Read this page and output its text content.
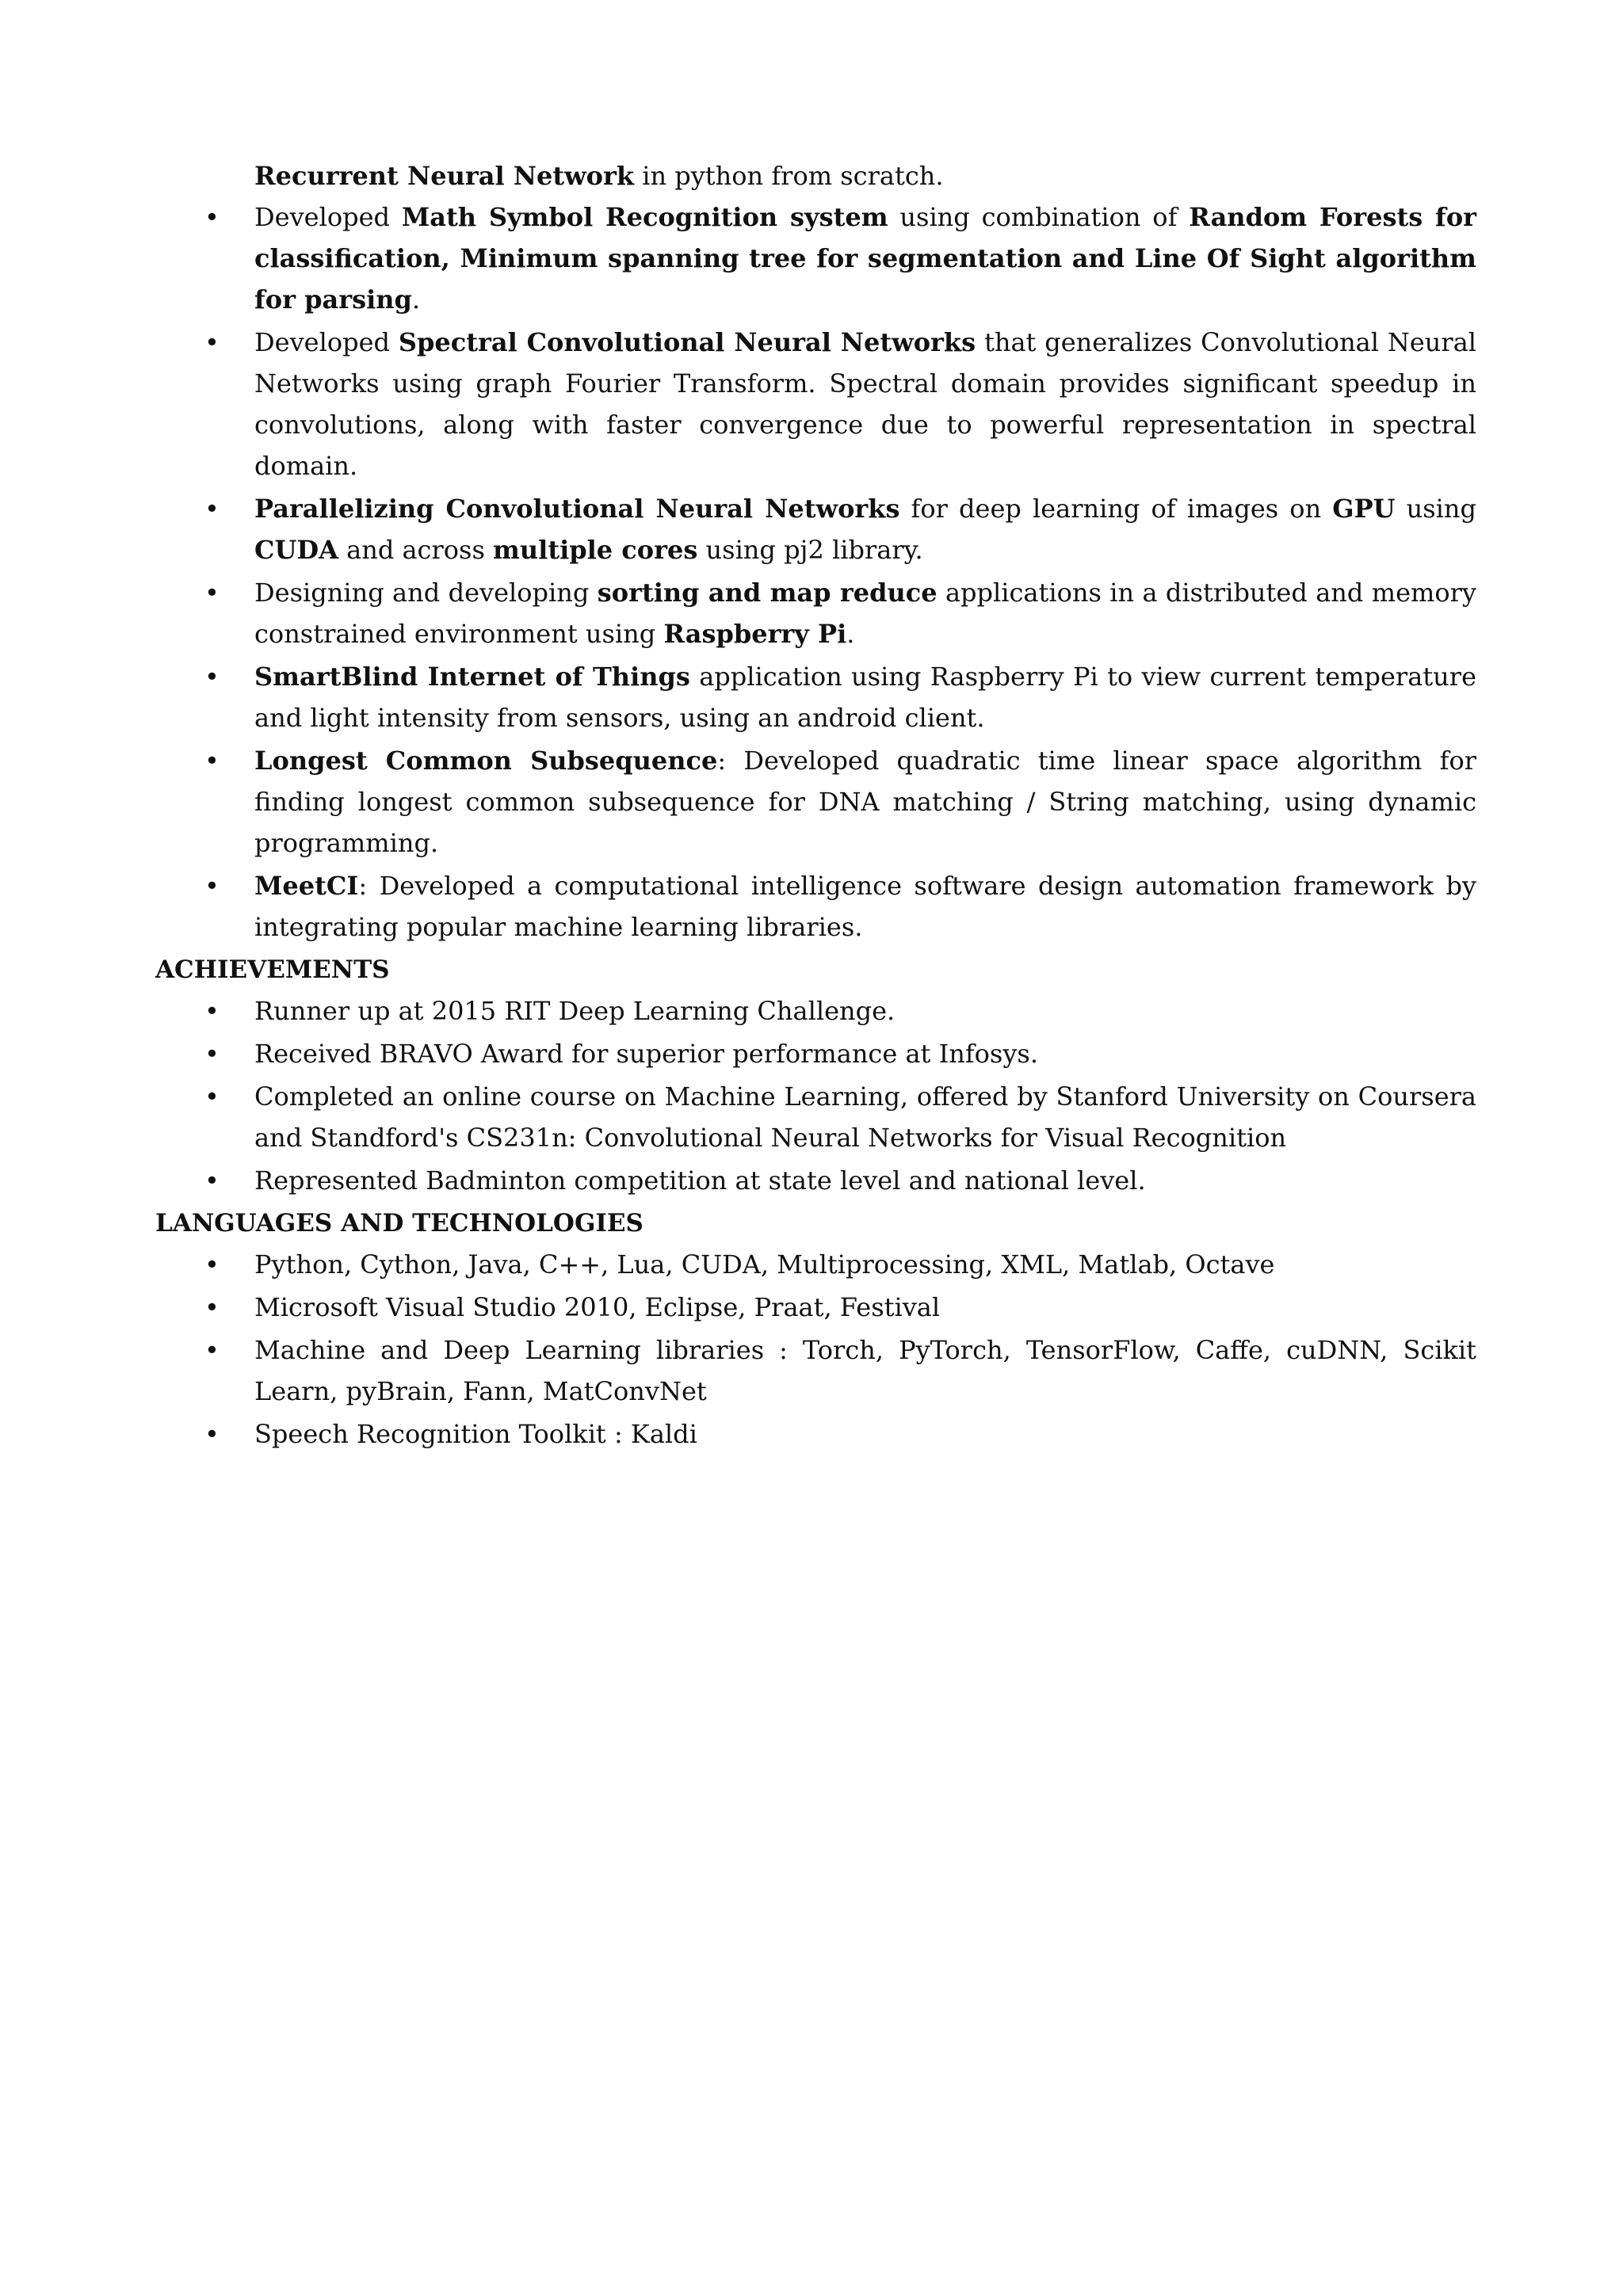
Recurrent Neural Network in python from scratch.

• Developed Math Symbol Recognition system using combination of Random Forests for classification, Minimum spanning tree for segmentation and Line Of Sight algorithm for parsing.
• Developed Spectral Convolutional Neural Networks that generalizes Convolutional Neural Networks using graph Fourier Transform. Spectral domain provides significant speedup in convolutions, along with faster convergence due to powerful representation in spectral domain.
• Parallelizing Convolutional Neural Networks for deep learning of images on GPU using CUDA and across multiple cores using pj2 library.
• Designing and developing sorting and map reduce applications in a distributed and memory constrained environment using Raspberry Pi.
• SmartBlind Internet of Things application using Raspberry Pi to view current temperature and light intensity from sensors, using an android client.
• Longest Common Subsequence: Developed quadratic time linear space algorithm for finding longest common subsequence for DNA matching / String matching, using dynamic programming.
• MeetCI: Developed a computational intelligence software design automation framework by integrating popular machine learning libraries.
ACHIEVEMENTS
• Runner up at 2015 RIT Deep Learning Challenge.
• Received BRAVO Award for superior performance at Infosys.
• Completed an online course on Machine Learning, offered by Stanford University on Coursera and Standford's CS231n: Convolutional Neural Networks for Visual Recognition
• Represented Badminton competition at state level and national level.
LANGUAGES AND TECHNOLOGIES
• Python, Cython, Java, C++, Lua, CUDA, Multiprocessing, XML, Matlab, Octave
• Microsoft Visual Studio 2010, Eclipse, Praat, Festival
• Machine and Deep Learning libraries : Torch, PyTorch, TensorFlow, Caffe, cuDNN, Scikit Learn, pyBrain, Fann, MatConvNet
• Speech Recognition Toolkit : Kaldi
